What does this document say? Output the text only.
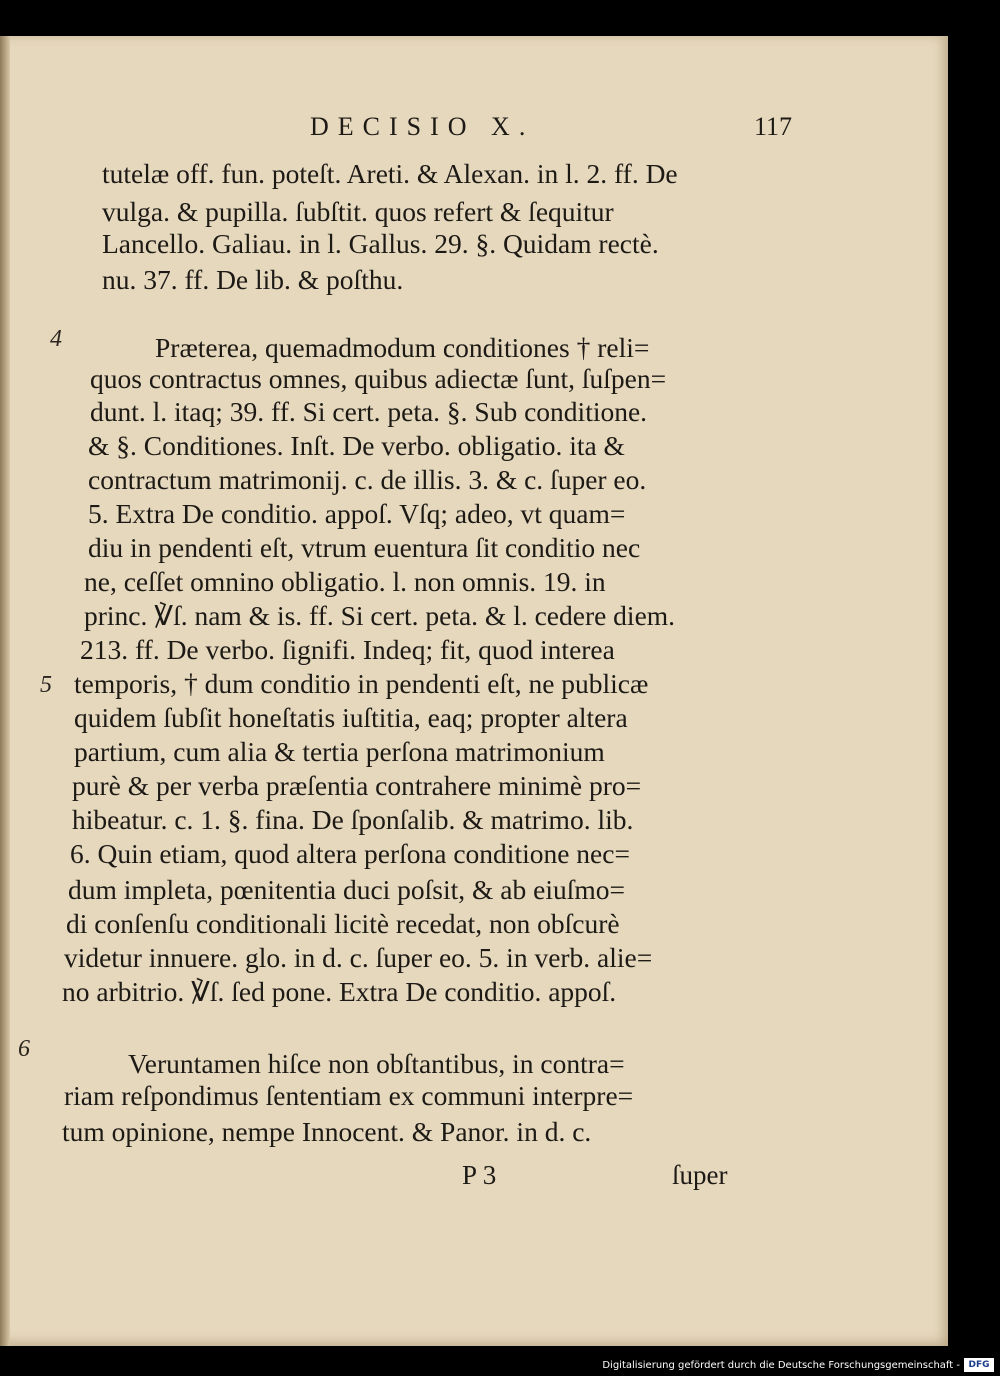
DECISIO X.	117
tutelæ off. fun. poteſt. Areti. & Alexan. in l. 2. ff. De
vulga. & pupilla. ſubſtit. quos refert & ſequitur
Lancello. Galiau. in l. Gallus. 29. §. Quidam rectè.
nu. 37. ff. De lib. & poſthu.
4	Præterea, quemadmodum conditiones † reli=
quos contractus omnes, quibus adiectæ ſunt, ſuſpen=
dunt. l. itaq; 39. ff. Si cert. peta. §. Sub conditione.
& §. Conditiones. Inſt. De verbo. obligatio. ita &
contractum matrimonij. c. de illis. 3. & c. ſuper eo.
5. Extra De conditio. appoſ. Vſq; adeo, vt quam=
diu in pendenti eſt, vtrum euentura ſit conditio nec
ne, ceſſet omnino obligatio. l. non omnis. 19. in
princ. ℣ſ. nam & is. ff. Si cert. peta. & l. cedere diem.
213. ff. De verbo. ſignifi. Indeq; fit, quod interea
5 temporis, † dum conditio in pendenti eſt, ne publicæ
quidem ſubſit honeſtatis iuſtitia, eaq; propter altera
partium, cum alia & tertia perſona matrimonium
purè & per verba præſentia contrahere minimè pro=
hibeatur. c. 1. §. fina. De ſponſalib. & matrimo. lib.
6. Quin etiam, quod altera perſona conditione nec=
dum impleta, pœnitentia duci poſsit, & ab eiuſmo=
di conſenſu conditionali licitè recedat, non obſcurè
videtur innuere. glo. in d. c. ſuper eo. 5. in verb. alie=
no arbitrio. ℣ſ. ſed pone. Extra De conditio. appoſ.
6	Veruntamen hiſce non obſtantibus, in contra=
riam reſpondimus ſententiam ex communi interpre=
tum opinione, nempe Innocent. & Panor. in d. c.
P 3	ſuper
Digitalisierung gefördert durch die Deutsche Forschungsgemeinschaft - DFG
